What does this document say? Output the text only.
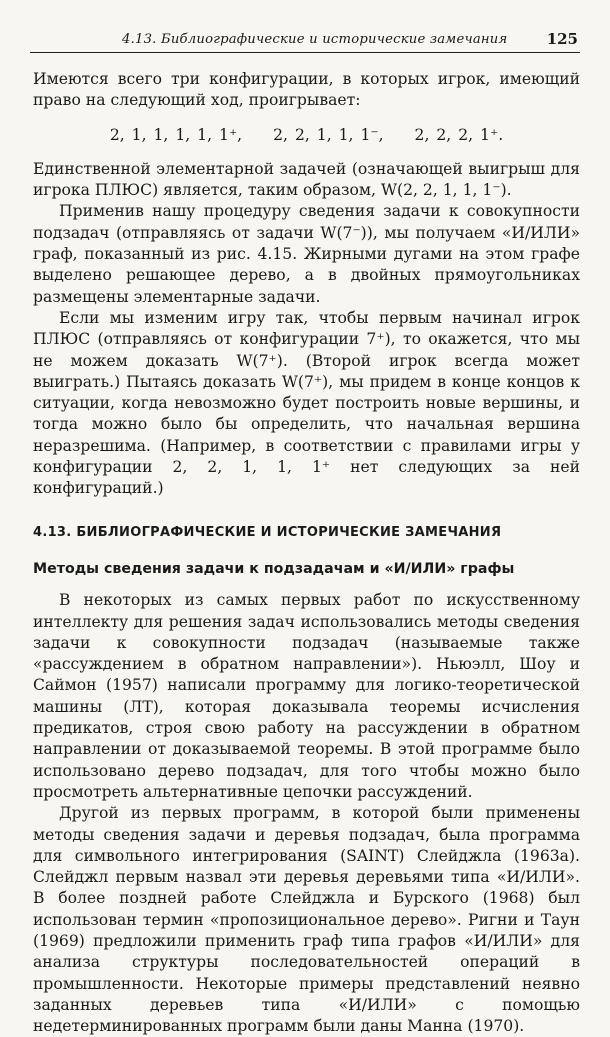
4.13. Библиографические и исторические замечания	125

Имеются всего три конфигурации, в которых игрок, имеющий право на следующий ход, проигрывает:

2, 1, 1, 1, 1, 1⁺, 2, 2, 1, 1, 1⁻, 2, 2, 2, 1⁺.

Единственной элементарной задачей (означающей выигрыш для игрока ПЛЮС) является, таким образом, W(2, 2, 1, 1, 1⁻).

Применив нашу процедуру сведения задачи к совокупности подзадач (отправляясь от задачи W(7⁻)), мы получаем «И/ИЛИ» граф, показанный из рис. 4.15. Жирными дугами на этом графе выделено решающее дерево, а в двойных прямоугольниках размещены элементарные задачи.

Если мы изменим игру так, чтобы первым начинал игрок ПЛЮС (отправляясь от конфигурации 7⁺), то окажется, что мы не можем доказать W(7⁺). (Второй игрок всегда может выиграть.) Пытаясь доказать W(7⁺), мы придем в конце концов к ситуации, когда невозможно будет построить новые вершины, и тогда можно было бы определить, что начальная вершина неразрешима. (Например, в соответствии с правилами игры у конфигурации 2, 2, 1, 1, 1⁺ нет следующих за ней конфигураций.)

4.13. БИБЛИОГРАФИЧЕСКИЕ И ИСТОРИЧЕСКИЕ ЗАМЕЧАНИЯ
Методы сведения задачи к подзадачам и «И/ИЛИ» графы

В некоторых из самых первых работ по искусственному интеллекту для решения задач использовались методы сведения задачи к совокупности подзадач (называемые также «рассуждением в обратном направлении»). Ньюэлл, Шоу и Саймон (1957) написали программу для логико-теоретической машины (ЛТ), которая доказывала теоремы исчисления предикатов, строя свою работу на рассуждении в обратном направлении от доказываемой теоремы. В этой программе было использовано дерево подзадач, для того чтобы можно было просмотреть альтернативные цепочки рассуждений.

Другой из первых программ, в которой были применены методы сведения задачи и деревья подзадач, была программа для символьного интегрирования (SAINT) Слейджла (1963a). Слейджл первым назвал эти деревья деревьями типа «И/ИЛИ». В более поздней работе Слейджла и Бурского (1968) был использован термин «пропозициональное дерево». Ригни и Таун (1969) предложили применить граф типа графов «И/ИЛИ» для анализа структуры последовательностей операций в промышленности. Некоторые примеры представлений неявно заданных деревьев типа «И/ИЛИ» с помощью недетерминированных программ были даны Манна (1970).
